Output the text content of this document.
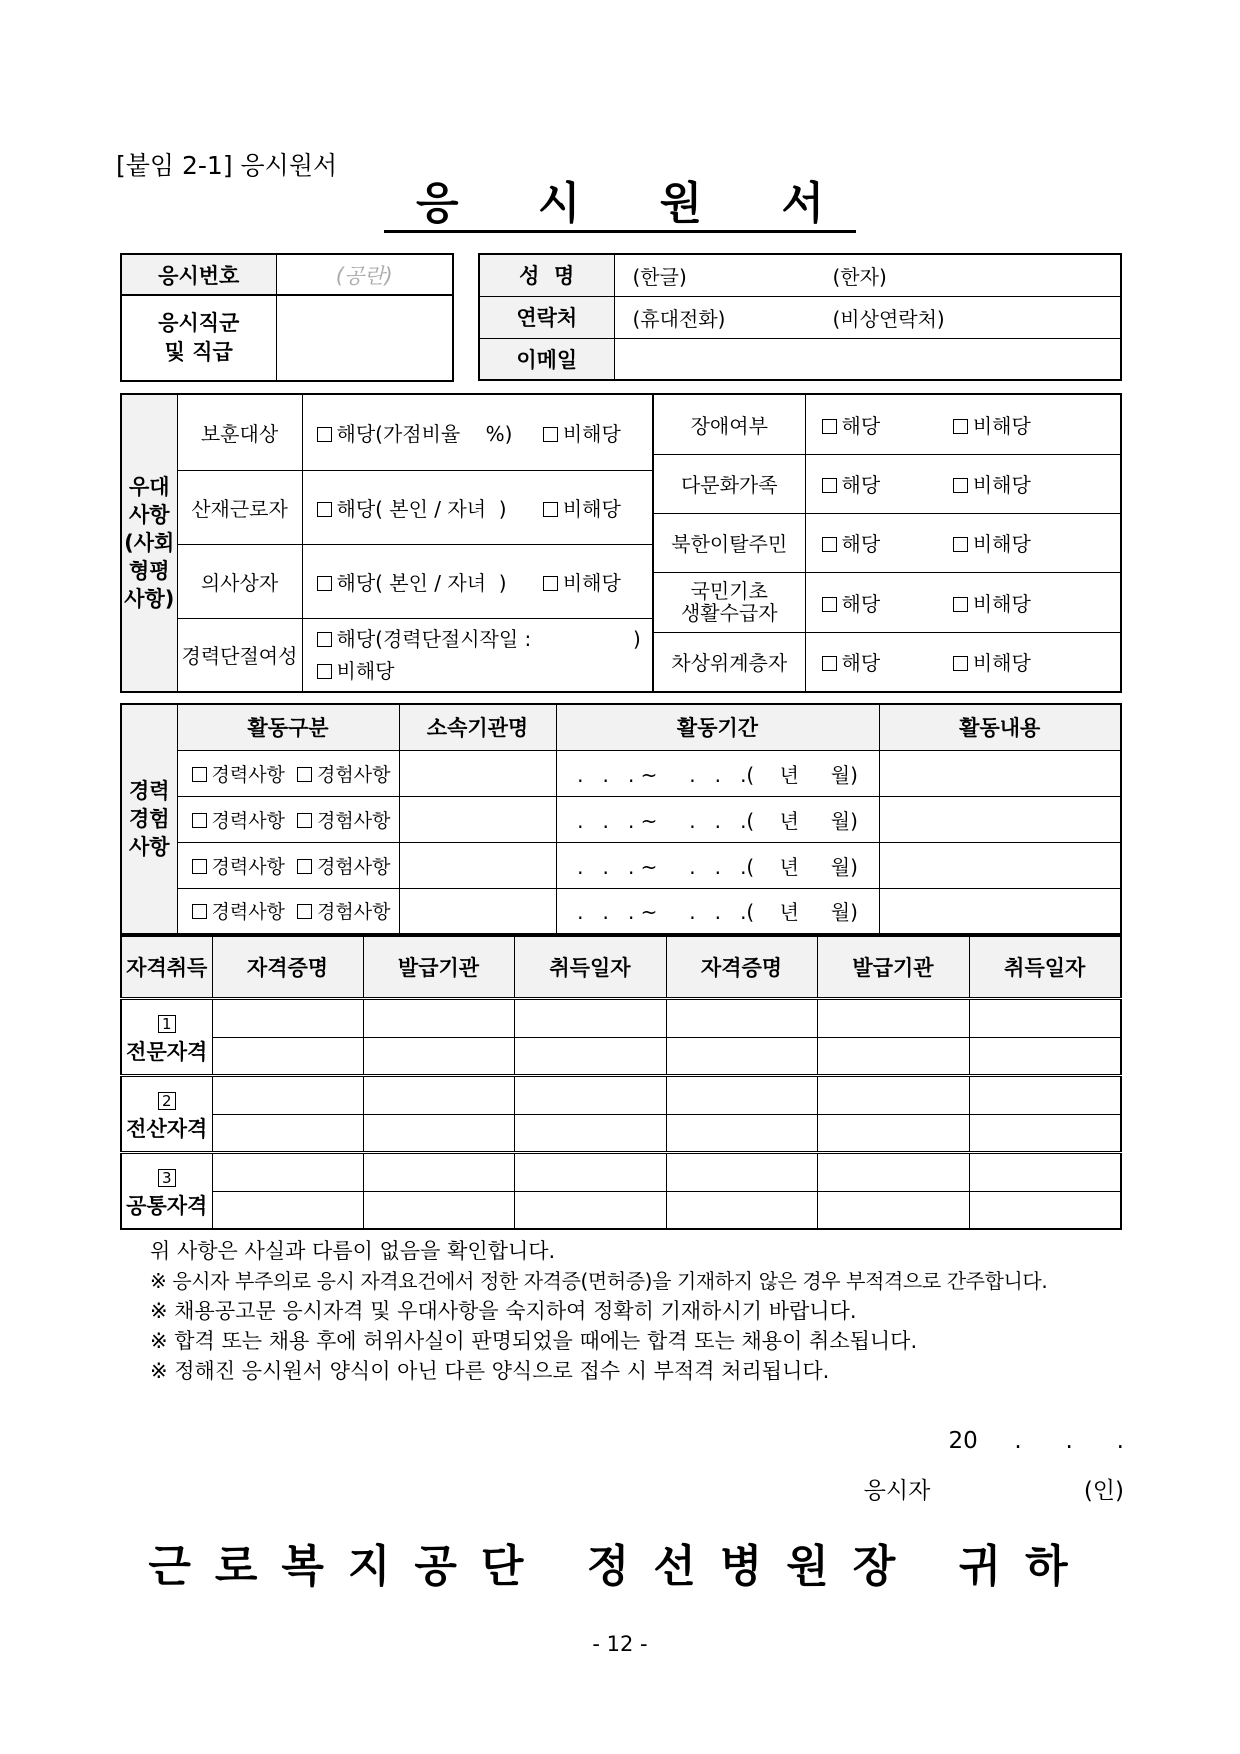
[붙임 2-1] 응시원서
응 시 원 서
응시번호	(공란)
응시직군
및 직급	
성  명	(한글) (한자)
연락처	(휴대전화) (비상연락처)
이메일	
우대
사항
(사회
형평
사항)	보훈대상	해당(가점비율    %) 비해당
	산재근로자	해당( 본인 / 자녀  ) 비해당
	의사상자	해당( 본인 / 자녀  ) 비해당
	경력단절여성	해당(경력단절시작일 :                )
비해당
장애여부	해당 비해당
다문화가족	해당 비해당
북한이탈주민	해당 비해당
국민기초
생활수급자	해당 비해당
차상위계층자	해당 비해당
경력
경험
사항	활동구분	소속기관명	활동기간	활동내용
	경력사항 경험사항		.   .   . ~     .   .   .(    년     월)	
	경력사항 경험사항		.   .   . ~     .   .   .(    년     월)	
	경력사항 경험사항		.   .   . ~     .   .   .(    년     월)	
	경력사항 경험사항		.   .   . ~     .   .   .(    년     월)	
자격취득	자격증명	발급기관	취득일자	자격증명	발급기관	취득일자

1
전문자격						

2
전산자격						

3
공통자격						

위 사항은 사실과 다름이 없음을 확인합니다.
※ 응시자 부주의로 응시 자격요건에서 정한 자격증(면허증)을 기재하지 않은 경우 부적격으로 간주합니다.
※ 채용공고문 응시자격 및 우대사항을 숙지하여 정확히 기재하시기 바랍니다.
※ 합격 또는 채용 후에 허위사실이 판명되었을 때에는 합격 또는 채용이 취소됩니다.
※ 정해진 응시원서 양식이 아닌 다른 양식으로 접수 시 부적격 처리됩니다.
20     .      .      .
응시자                     (인)
근로복지공단 정선병원장 귀하
- 12 -
